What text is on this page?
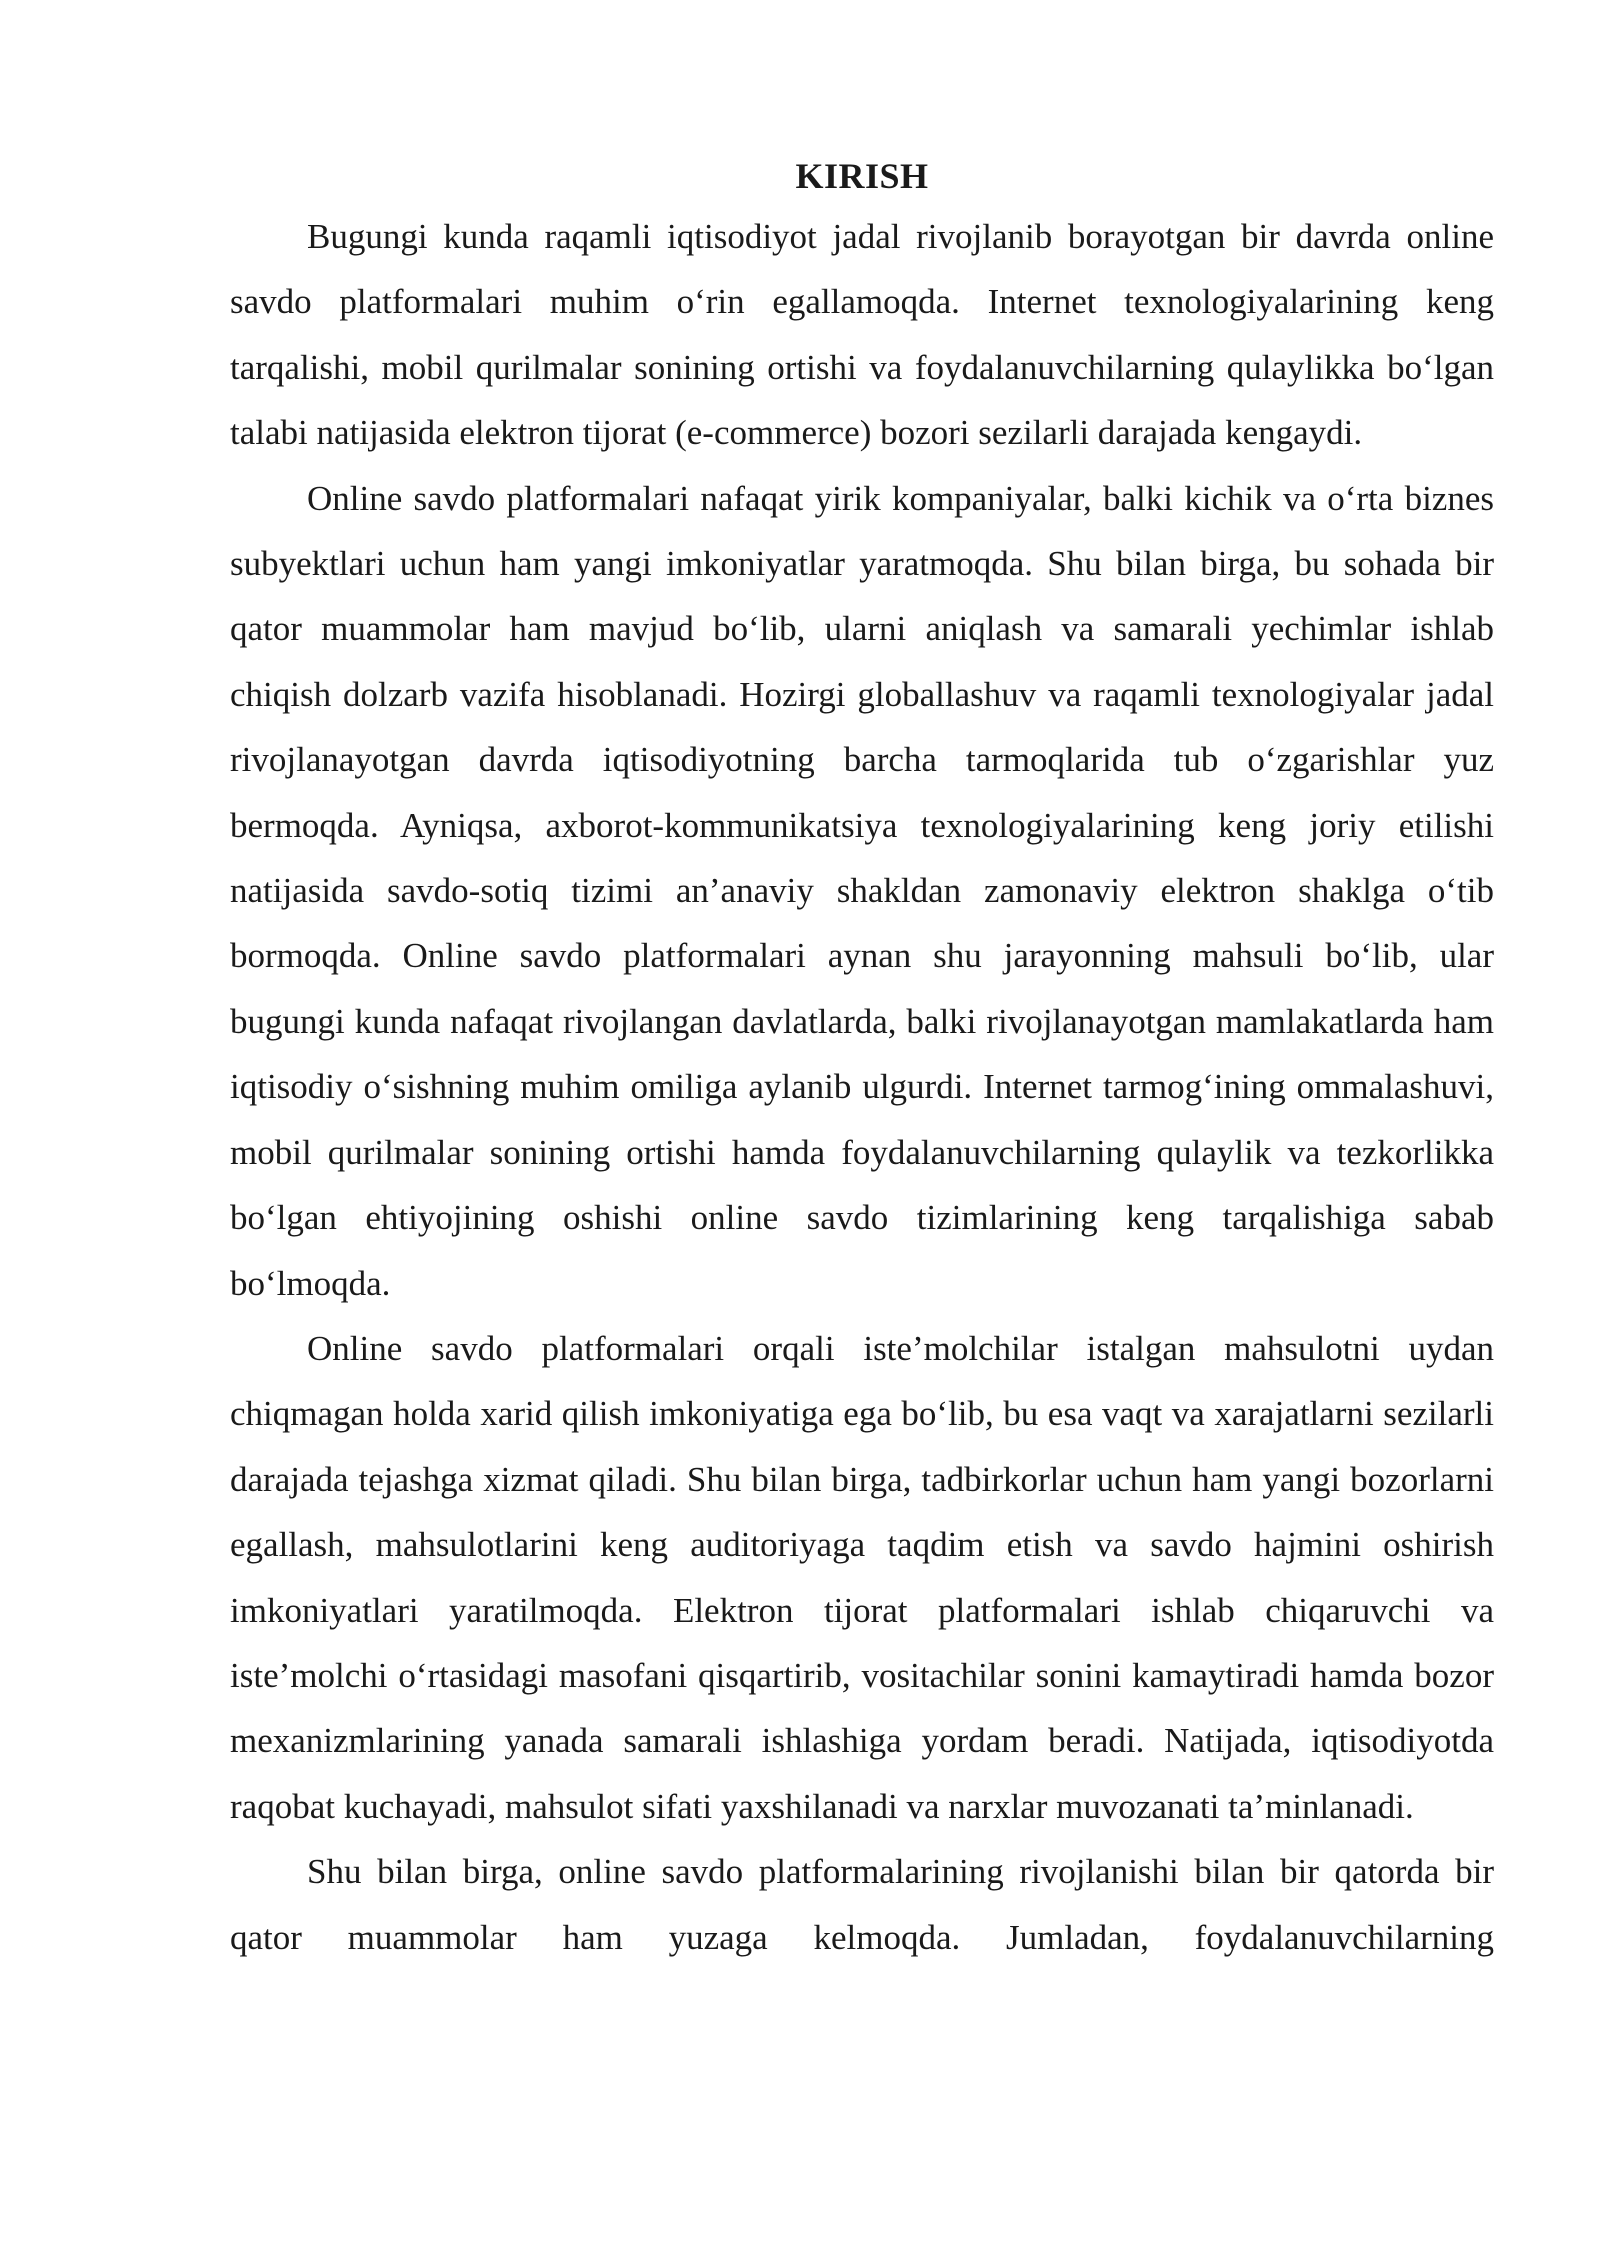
KIRISH

Bugungi kunda raqamli iqtisodiyot jadal rivojlanib borayotgan bir davrda online savdo platformalari muhim o‘rin egallamoqda. Internet texnologiyalarining keng tarqalishi, mobil qurilmalar sonining ortishi va foydalanuvchilarning qulaylikka bo‘lgan talabi natijasida elektron tijorat (e-commerce) bozori sezilarli darajada kengaydi.

Online savdo platformalari nafaqat yirik kompaniyalar, balki kichik va o‘rta biznes subyektlari uchun ham yangi imkoniyatlar yaratmoqda. Shu bilan birga, bu sohada bir qator muammolar ham mavjud bo‘lib, ularni aniqlash va samarali yechimlar ishlab chiqish dolzarb vazifa hisoblanadi. Hozirgi globallashuv va raqamli texnologiyalar jadal rivojlanayotgan davrda iqtisodiyotning barcha tarmoqlarida tub o‘zgarishlar yuz bermoqda. Ayniqsa, axborot-kommunikatsiya texnologiyalarining keng joriy etilishi natijasida savdo-sotiq tizimi an’anaviy shakldan zamonaviy elektron shaklga o‘tib bormoqda. Online savdo platformalari aynan shu jarayonning mahsuli bo‘lib, ular bugungi kunda nafaqat rivojlangan davlatlarda, balki rivojlanayotgan mamlakatlarda ham iqtisodiy o‘sishning muhim omiliga aylanib ulgurdi. Internet tarmog‘ining ommalashuvi, mobil qurilmalar sonining ortishi hamda foydalanuvchilarning qulaylik va tezkorlikka bo‘lgan ehtiyojining oshishi online savdo tizimlarining keng tarqalishiga sabab bo‘lmoqda.

Online savdo platformalari orqali iste’molchilar istalgan mahsulotni uydan chiqmagan holda xarid qilish imkoniyatiga ega bo‘lib, bu esa vaqt va xarajatlarni sezilarli darajada tejashga xizmat qiladi. Shu bilan birga, tadbirkorlar uchun ham yangi bozorlarni egallash, mahsulotlarini keng auditoriyaga taqdim etish va savdo hajmini oshirish imkoniyatlari yaratilmoqda. Elektron tijorat platformalari ishlab chiqaruvchi va iste’molchi o‘rtasidagi masofani qisqartirib, vositachilar sonini kamaytiradi hamda bozor mexanizmlarining yanada samarali ishlashiga yordam beradi. Natijada, iqtisodiyotda raqobat kuchayadi, mahsulot sifati yaxshilanadi va narxlar muvozanati ta’minlanadi.

Shu bilan birga, online savdo platformalarining rivojlanishi bilan bir qatorda bir qator muammolar ham yuzaga kelmoqda. Jumladan, foydalanuvchilarning
